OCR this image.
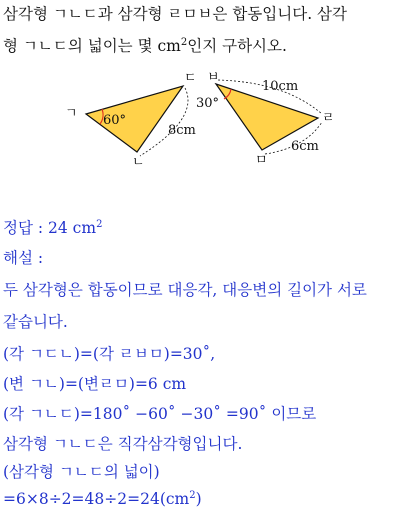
삼각형 ㄱㄴㄷ과 삼각형 ㄹㅁㅂ은 합동입니다. 삼각
형 ㄱㄴㄷ의 넓이는 몇 $cm^2$인지 구하시오.
ㄱ
ㄴ
ㄷ
60°
8cm
ㅂ
ㄹ
ㅁ
30°
10cm
6cm
정답 : 24 $cm^2$
해설 :
두 삼각형은 합동이므로 대응각, 대응변의 길이가 서로
같습니다.
(각 ㄱㄷㄴ)=(각 ㄹㅂㅁ)=30˚,
(변 ㄱㄴ)=(변ㄹㅁ)=6 cm
(각 ㄱㄴㄷ)=180˚ −60˚ −30˚ =90˚ 이므로
삼각형 ㄱㄴㄷ은 직각삼각형입니다.
(삼각형 ㄱㄴㄷ의 넓이)
$=6\times 8\div 2=48\div 2=24(cm^2)$
